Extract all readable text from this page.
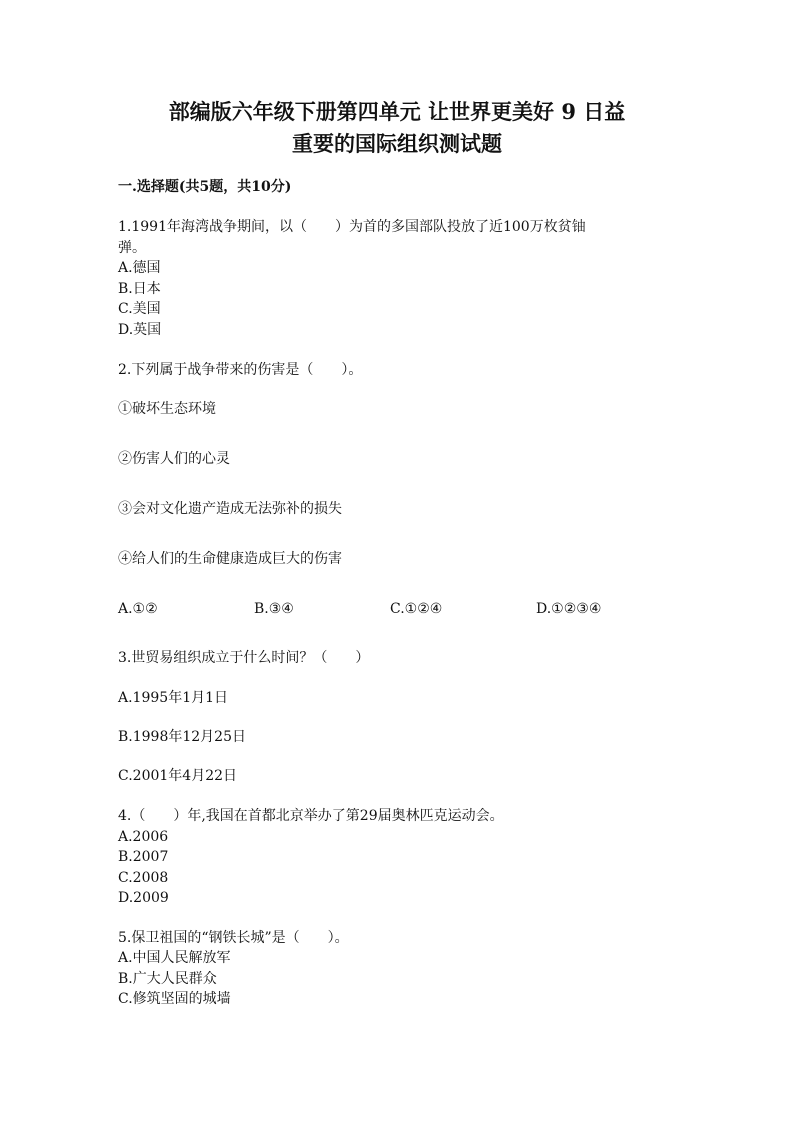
部编版六年级下册第四单元 让世界更美好 9 日益
重要的国际组织测试题
一.选择题(共5题，共10分)
1.1991年海湾战争期间，以（　　）为首的多国部队投放了近100万枚贫铀
弹。
A.德国
B.日本
C.美国
D.英国
2.下列属于战争带来的伤害是（　　）。
①破坏生态环境
②伤害人们的心灵
③会对文化遗产造成无法弥补的损失
④给人们的生命健康造成巨大的伤害
A.①②	B.③④	C.①②④	D.①②③④
3.世贸易组织成立于什么时间？（　　）
A.1995年1月1日
B.1998年12月25日
C.2001年4月22日
4.（　　）年,我国在首都北京举办了第29届奥林匹克运动会。
A.2006
B.2007
C.2008
D.2009
5.保卫祖国的“钢铁长城”是（　　）。
A.中国人民解放军
B.广大人民群众
C.修筑坚固的城墙
